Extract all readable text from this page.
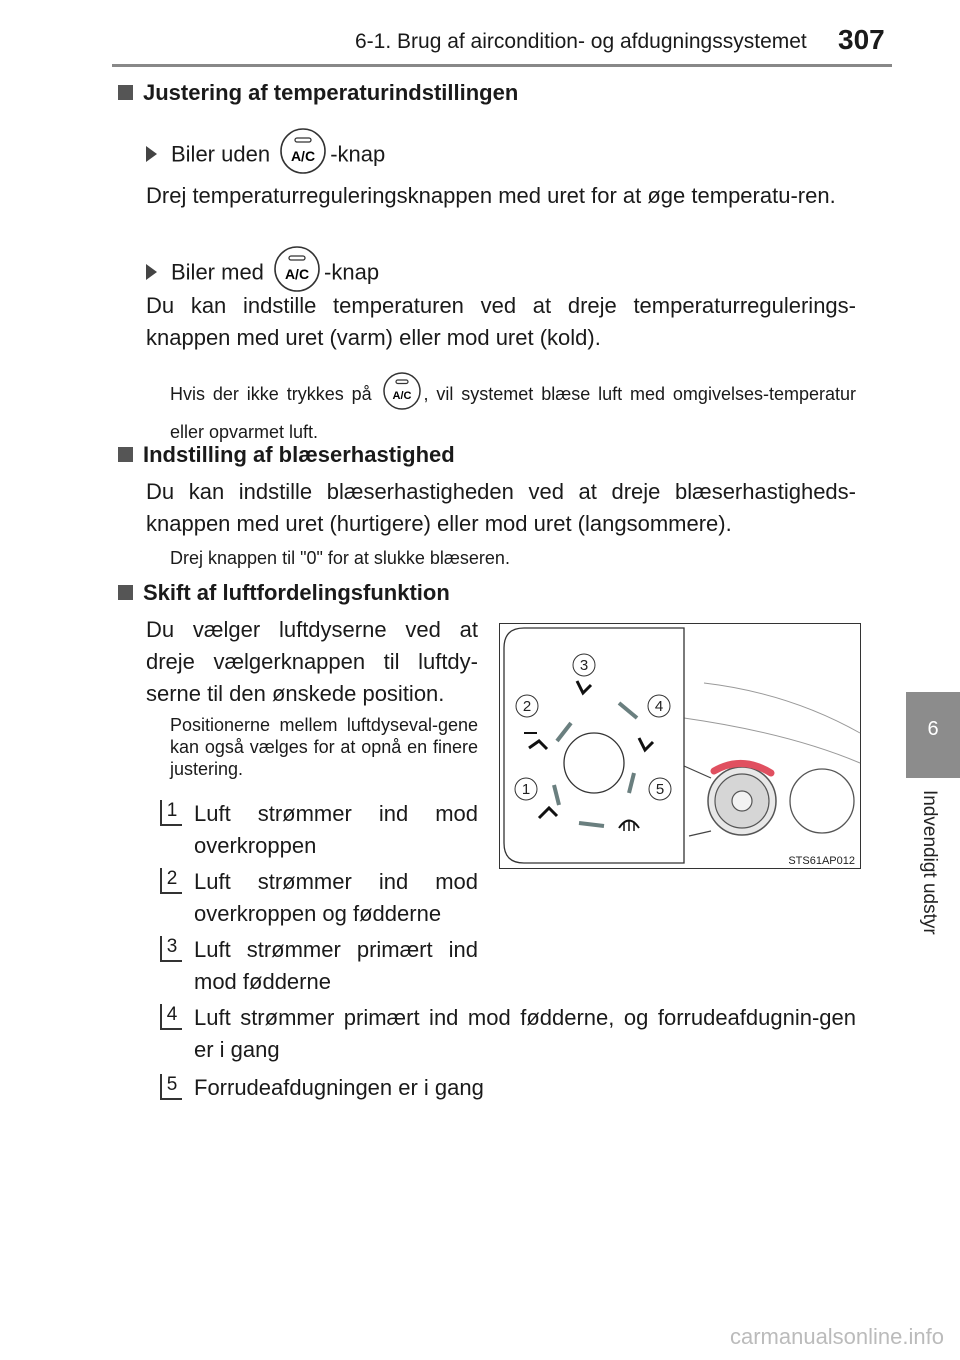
6-1. Brug af aircondition- og afdugningssystemet 307
6
Indvendigt udstyr
Justering af temperaturindstillingen
Biler uden A/C -knap
Drej temperaturreguleringsknappen med uret for at øge temperatu-ren.
Biler med A/C -knap
Du kan indstille temperaturen ved at dreje temperaturregulerings-knappen med uret (varm) eller mod uret (kold).
Hvis der ikke trykkes på A/C , vil systemet blæse luft med omgivelses-temperatur eller opvarmet luft.
Indstilling af blæserhastighed
Du kan indstille blæserhastigheden ved at dreje blæserhastigheds-knappen med uret (hurtigere) eller mod uret (langsommere).
Drej knappen til "0" for at slukke blæseren.
Skift af luftfordelingsfunktion
Du vælger luftdyserne ved at dreje vælgerknappen til luftdy-serne til den ønskede position.
Positionerne mellem luftdyseval-gene kan også vælges for at opnå en finere justering.
1 Luft strømmer ind mod overkroppen
2 Luft strømmer ind mod overkroppen og fødderne
3 Luft strømmer primært ind mod fødderne
4 Luft strømmer primært ind mod fødderne, og forrudeafdugnin-gen er i gang
5 Forrudeafdugningen er i gang
3
2	4
1	5
STS61AP012
carmanualsonline.info
